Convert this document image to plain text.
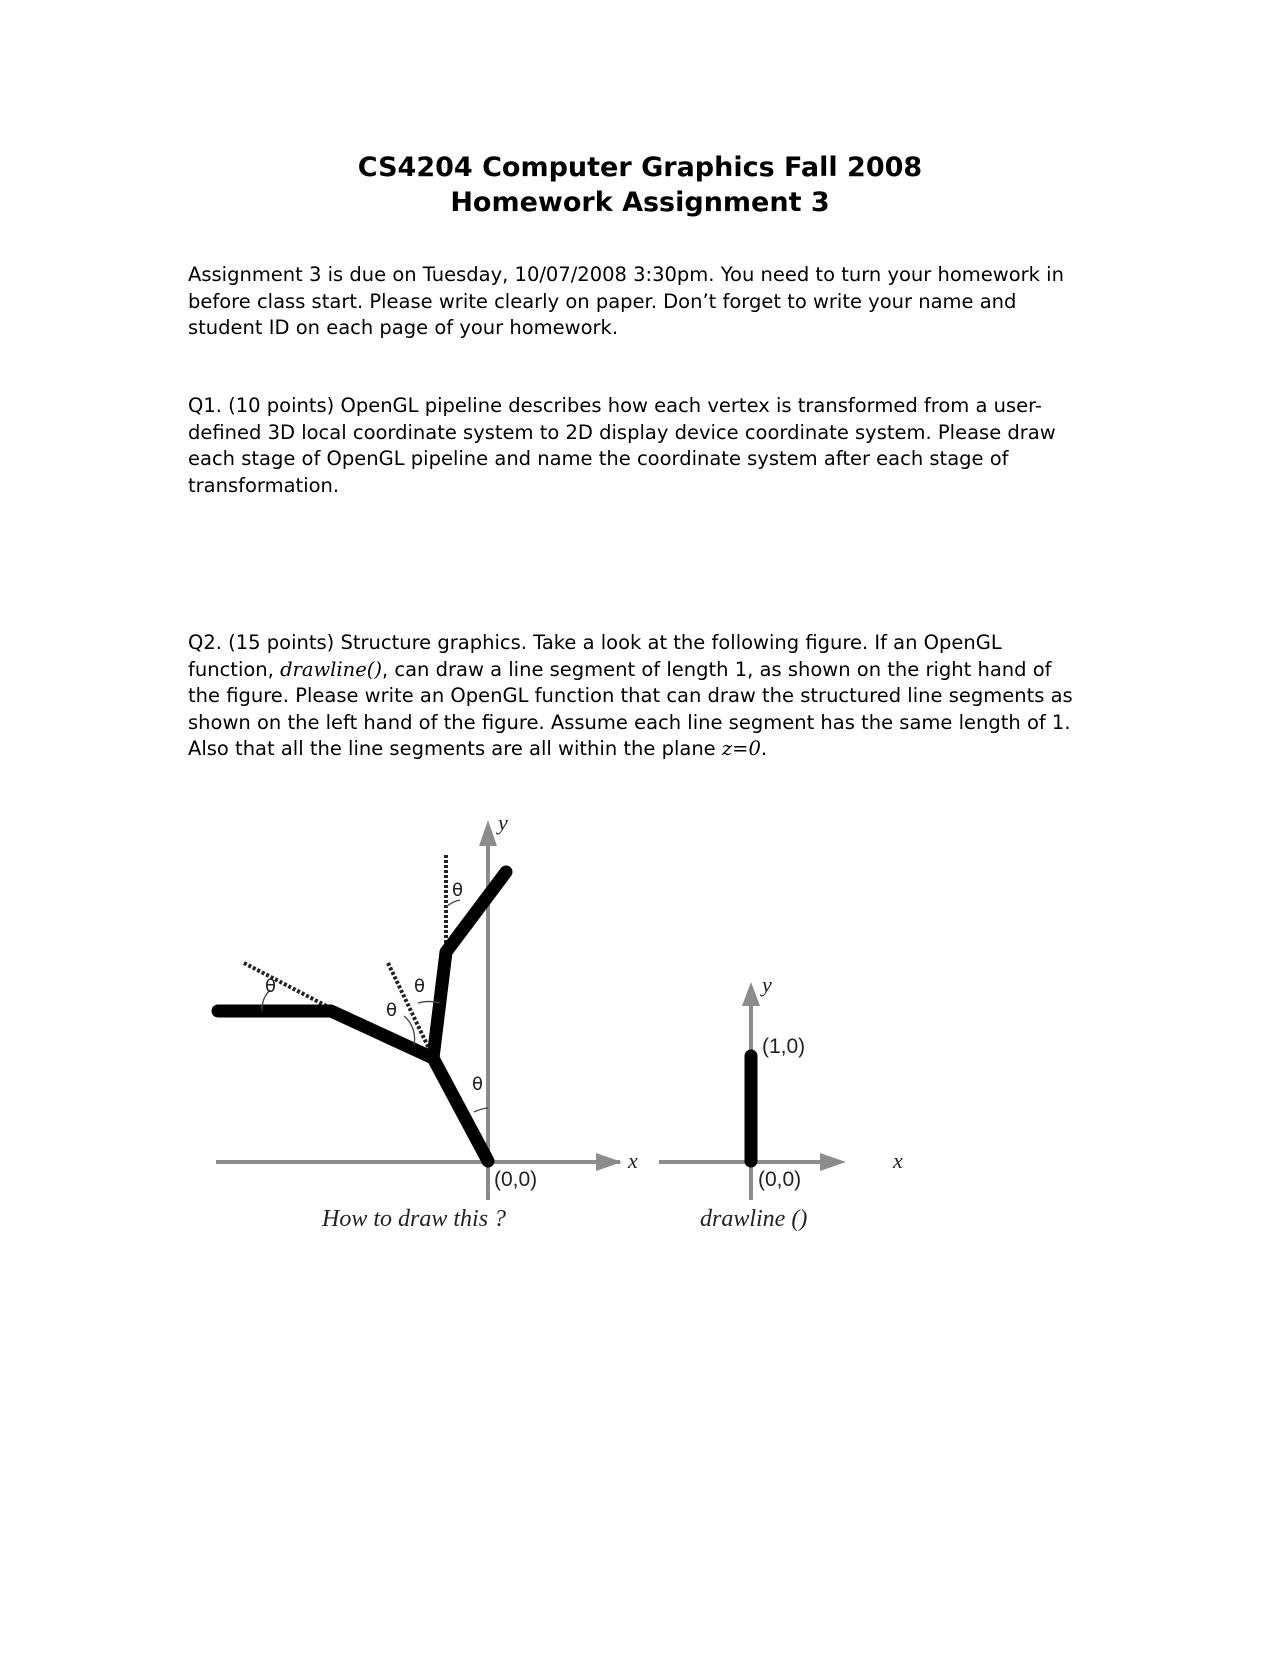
CS4204 Computer Graphics Fall 2008
Homework Assignment 3

Assignment 3 is due on Tuesday, 10/07/2008 3:30pm. You need to turn your homework in before class start. Please write clearly on paper. Don’t forget to write your name and student ID on each page of your homework.

Q1. (10 points) OpenGL pipeline describes how each vertex is transformed from a user-defined 3D local coordinate system to 2D display device coordinate system. Please draw each stage of OpenGL pipeline and name the coordinate system after each stage of transformation.

Q2. (15 points) Structure graphics. Take a look at the following figure. If an OpenGL function, drawline(), can draw a line segment of length 1, as shown on the right hand of the figure. Please write an OpenGL function that can draw the structured line segments as shown on the left hand of the figure. Assume each line segment has the same length of 1. Also that all the line segments are all within the plane z=0.

y
x
θ
θ
θ
θ
θ
(0,0)
How to draw this ?
y
x
(1,0)
(0,0)
drawline ()
